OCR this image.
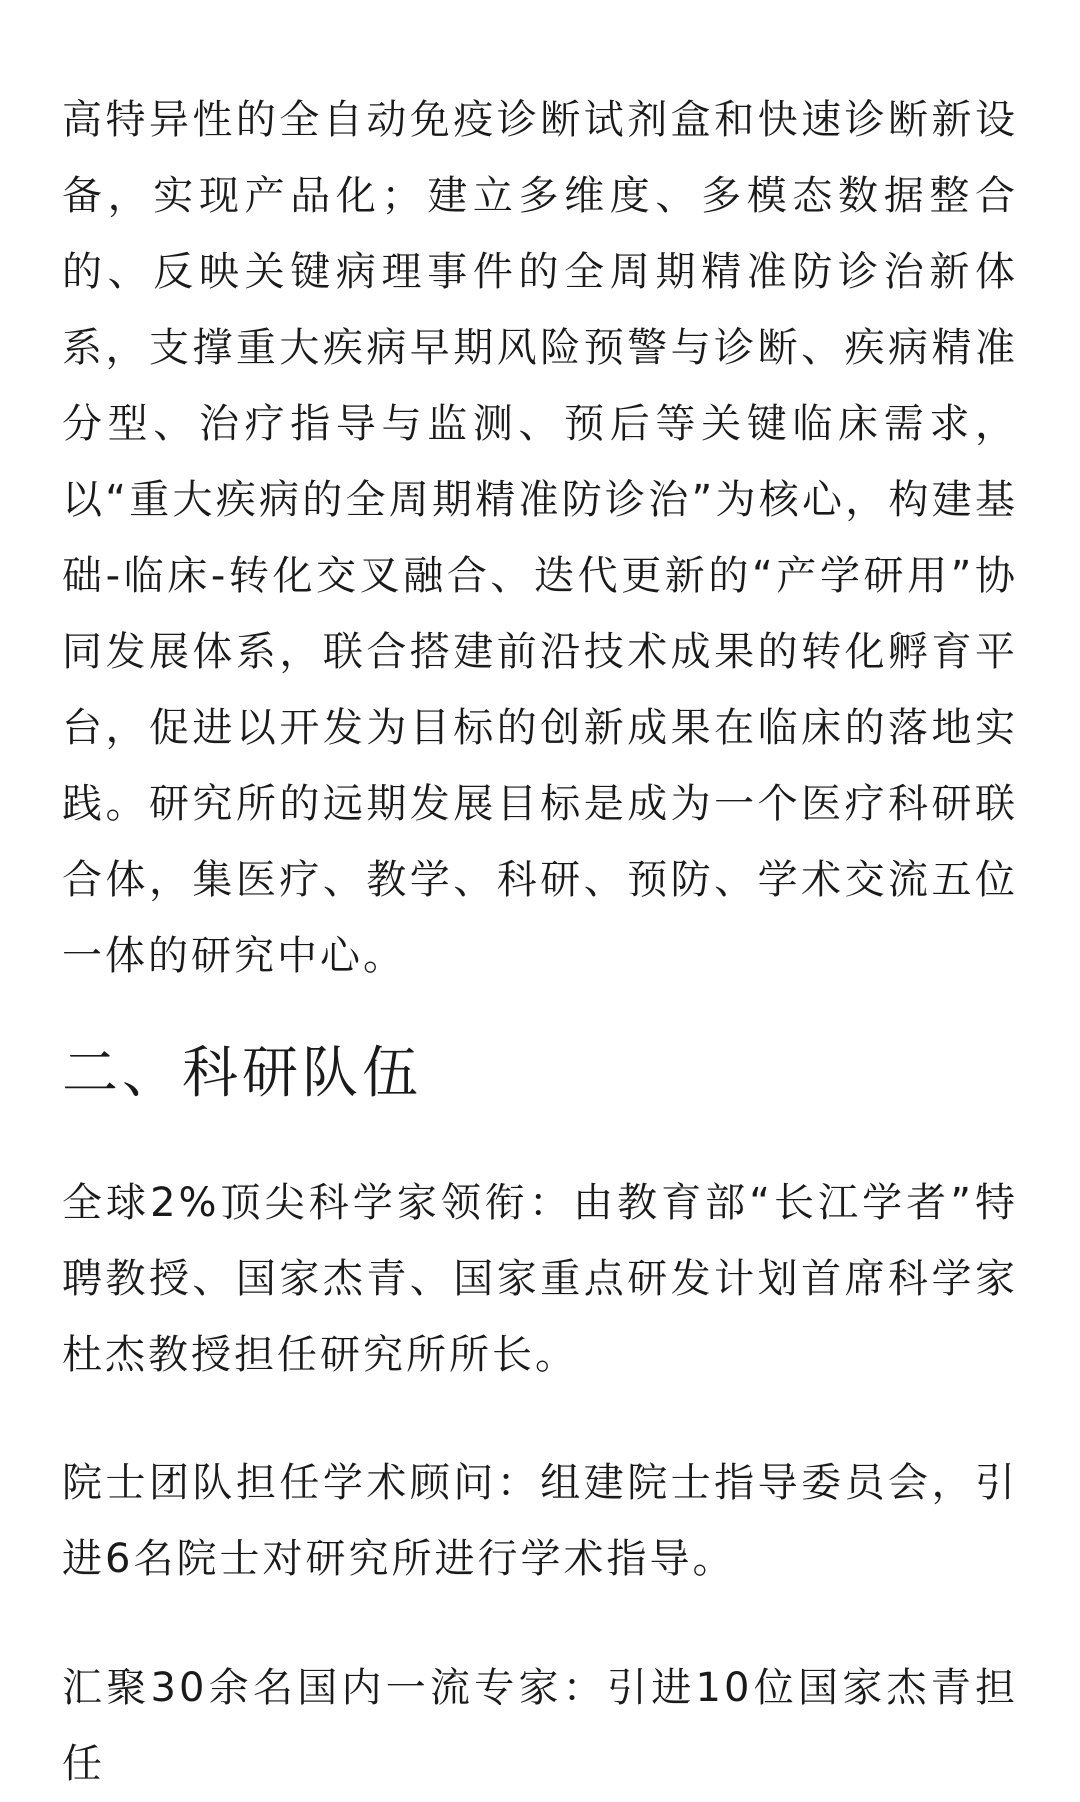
高特异性的全自动免疫诊断试剂盒和快速诊断新设备，实现产品化；建立多维度、多模态数据整合的、反映关键病理事件的全周期精准防诊治新体系，支撑重大疾病早期风险预警与诊断、疾病精准分型、治疗指导与监测、预后等关键临床需求，以“重大疾病的全周期精准防诊治”为核心，构建基础-临床-转化交叉融合、迭代更新的“产学研用”协同发展体系，联合搭建前沿技术成果的转化孵育平台，促进以开发为目标的创新成果在临床的落地实践。研究所的远期发展目标是成为一个医疗科研联合体，集医疗、教学、科研、预防、学术交流五位一体的研究中心。

二、科研队伍

全球2%顶尖科学家领衔：由教育部“长江学者”特聘教授、国家杰青、国家重点研发计划首席科学家杜杰教授担任研究所所长。

院士团队担任学术顾问：组建院士指导委员会，引进6名院士对研究所进行学术指导。

汇聚30余名国内一流专家：引进10位国家杰青担任
